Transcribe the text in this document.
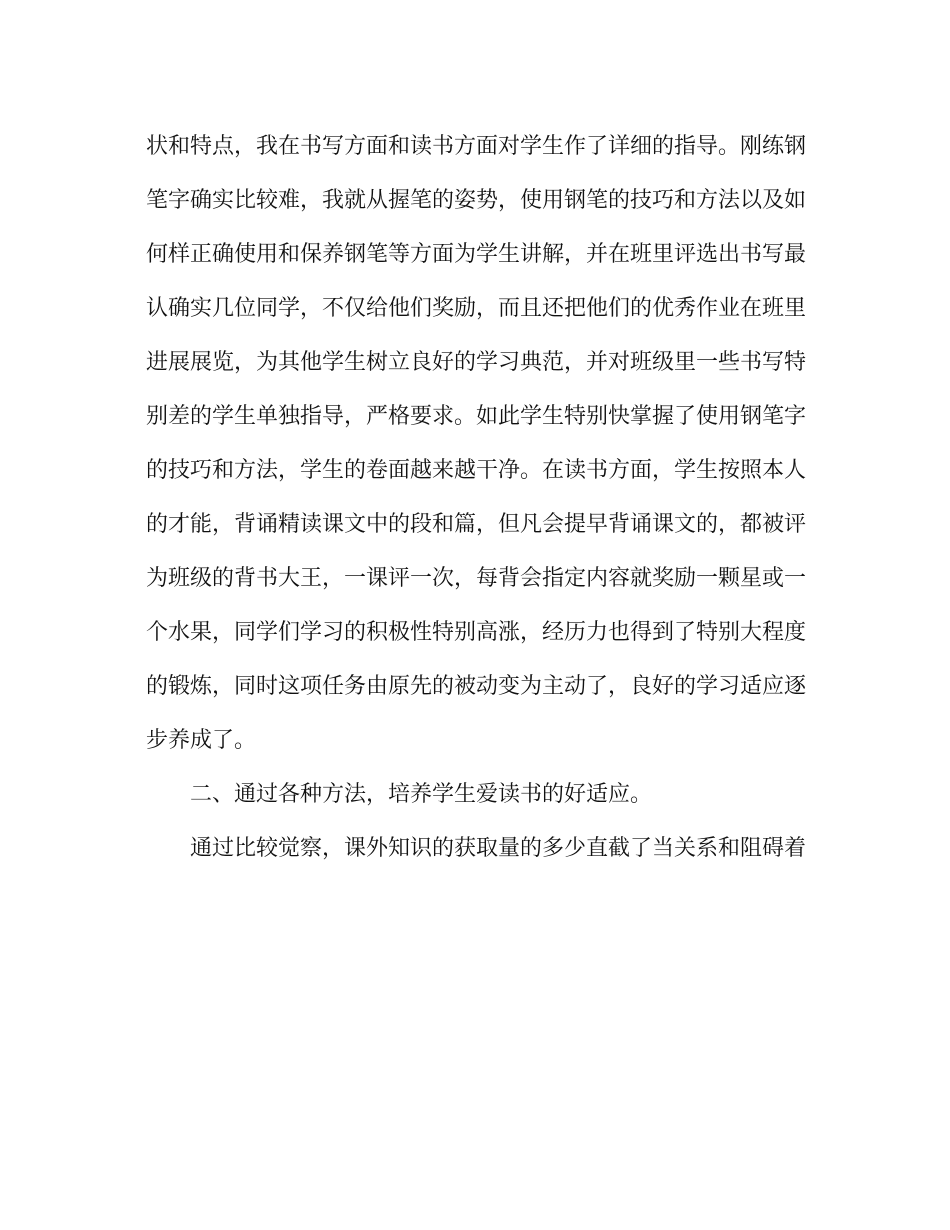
状和特点，我在书写方面和读书方面对学生作了详细的指导。刚练钢
笔字确实比较难，我就从握笔的姿势，使用钢笔的技巧和方法以及如
何样正确使用和保养钢笔等方面为学生讲解，并在班里评选出书写最
认确实几位同学，不仅给他们奖励，而且还把他们的优秀作业在班里
进展展览，为其他学生树立良好的学习典范，并对班级里一些书写特
别差的学生单独指导，严格要求。如此学生特别快掌握了使用钢笔字
的技巧和方法，学生的卷面越来越干净。在读书方面，学生按照本人
的才能，背诵精读课文中的段和篇，但凡会提早背诵课文的，都被评
为班级的背书大王，一课评一次，每背会指定内容就奖励一颗星或一
个水果，同学们学习的积极性特别高涨，经历力也得到了特别大程度
的锻炼，同时这项任务由原先的被动变为主动了，良好的学习适应逐
步养成了。
二、通过各种方法，培养学生爱读书的好适应。
通过比较觉察，课外知识的获取量的多少直截了当关系和阻碍着
